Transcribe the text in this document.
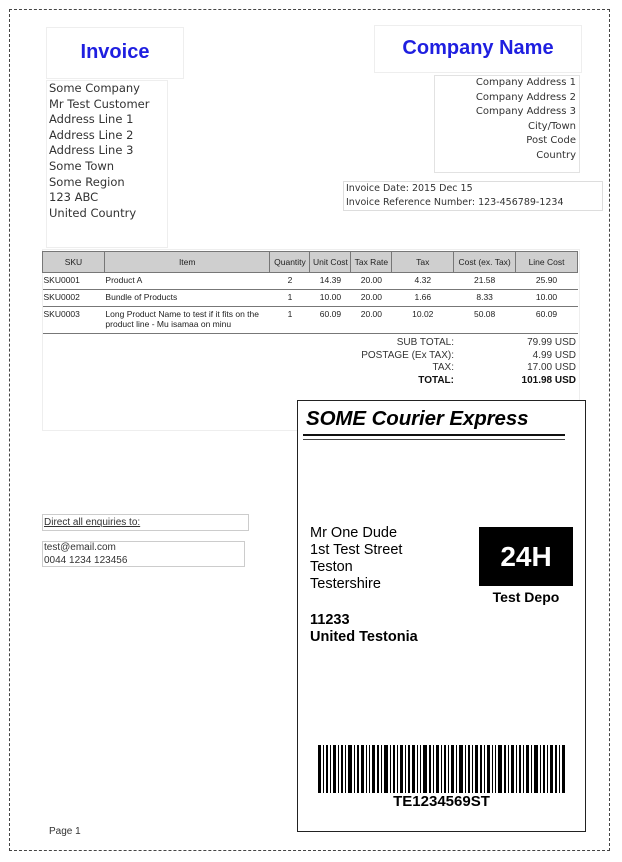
Invoice	Company Name
Some Company
Mr Test Customer
Address Line 1
Address Line 2
Address Line 3
Some Town
Some Region
123 ABC
United Country
Company Address 1
Company Address 2
Company Address 3
City/Town
Post Code
Country
Invoice Date: 2015 Dec 15
Invoice Reference Number: 123-456789-1234
SKU	Item	Quantity	Unit Cost	Tax Rate	Tax	Cost (ex. Tax)	Line Cost
SKU0001	Product A	2	14.39	20.00	4.32	21.58	25.90
SKU0002	Bundle of Products	1	10.00	20.00	1.66	8.33	10.00
SKU0003	Long Product Name to test if it fits on the product line - Mu isamaa on minu	1	60.09	20.00	10.02	50.08	60.09
SUB TOTAL:	79.99 USD
POSTAGE (Ex TAX):	4.99 USD
TAX:	17.00 USD
TOTAL:	101.98 USD
Direct all enquiries to:
test@email.com
0044 1234 123456
Page 1
SOME Courier Express
Mr One Dude
1st Test Street
Teston
Testershire
11233
United Testonia
24H
Test Depo
TE1234569ST
